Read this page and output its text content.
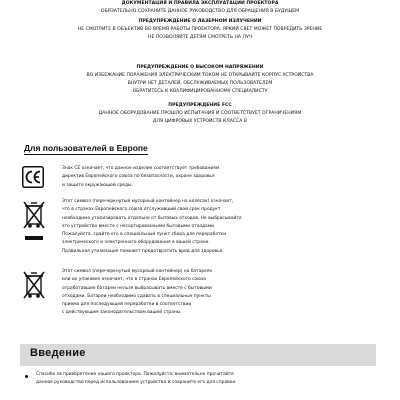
ДОКУМЕНТАЦИЯ И ПРАВИЛА ЭКСПЛУАТАЦИИ ПРОЕКТОРА
ОБЯЗАТЕЛЬНО СОХРАНИТЕ ДАННОЕ РУКОВОДСТВО ДЛЯ ОБРАЩЕНИЯ В БУДУЩЕМ
ПРЕДУПРЕЖДЕНИЕ О ЛАЗЕРНОМ ИЗЛУЧЕНИИ
НЕ СМОТРИТЕ В ОБЪЕКТИВ ВО ВРЕМЯ РАБОТЫ ПРОЕКТОРА. ЯРКИЙ СВЕТ МОЖЕТ ПОВРЕДИТЬ ЗРЕНИЕ
НЕ ПОЗВОЛЯЙТЕ ДЕТЯМ СМОТРЕТЬ НА ЛУЧ
ПРЕДУПРЕЖДЕНИЕ О ВЫСОКОМ НАПРЯЖЕНИИ
ВО ИЗБЕЖАНИЕ ПОРАЖЕНИЯ ЭЛЕКТРИЧЕСКИМ ТОКОМ НЕ ОТКРЫВАЙТЕ КОРПУС УСТРОЙСТВА
ВНУТРИ НЕТ ДЕТАЛЕЙ, ОБСЛУЖИВАЕМЫХ ПОЛЬЗОВАТЕЛЕМ
ОБРАТИТЕСЬ К КВАЛИФИЦИРОВАННОМУ СПЕЦИАЛИСТУ
ПРЕДУПРЕЖДЕНИЕ FCC
ДАННОЕ ОБОРУДОВАНИЕ ПРОШЛО ИСПЫТАНИЯ И СООТВЕТСТВУЕТ ОГРАНИЧЕНИЯМ
ДЛЯ ЦИФРОВЫХ УСТРОЙСТВ КЛАССА B
Для пользователей в Европе
Знак CE означает, что данное изделие соответствует требованиям
директив Европейского союза по безопасности, охране здоровья
и защите окружающей среды.
Этот символ (перечеркнутый мусорный контейнер на колесах) означает,
что в странах Европейского союза отслуживший свой срок продукт
необходимо утилизировать отдельно от бытовых отходов. Не выбрасывайте
это устройство вместе с несортированными бытовыми отходами.
Пожалуйста, сдайте его в специальный пункт сбора для переработки
электрического и электронного оборудования в вашей стране.
Правильная утилизация поможет предотвратить вред для здоровья.
Этот символ (перечеркнутый мусорный контейнер) на батареях
или их упаковке означает, что в странах Европейского союза
отработавшие батареи нельзя выбрасывать вместе с бытовыми
отходами. Батареи необходимо сдавать в специальные пункты
приема для последующей переработки в соответствии
с действующим законодательством вашей страны.
Введение
Спасибо за приобретение нашего проектора. Пожалуйста, внимательно прочитайте
данное руководство перед использованием устройства и сохраните его для справки.
